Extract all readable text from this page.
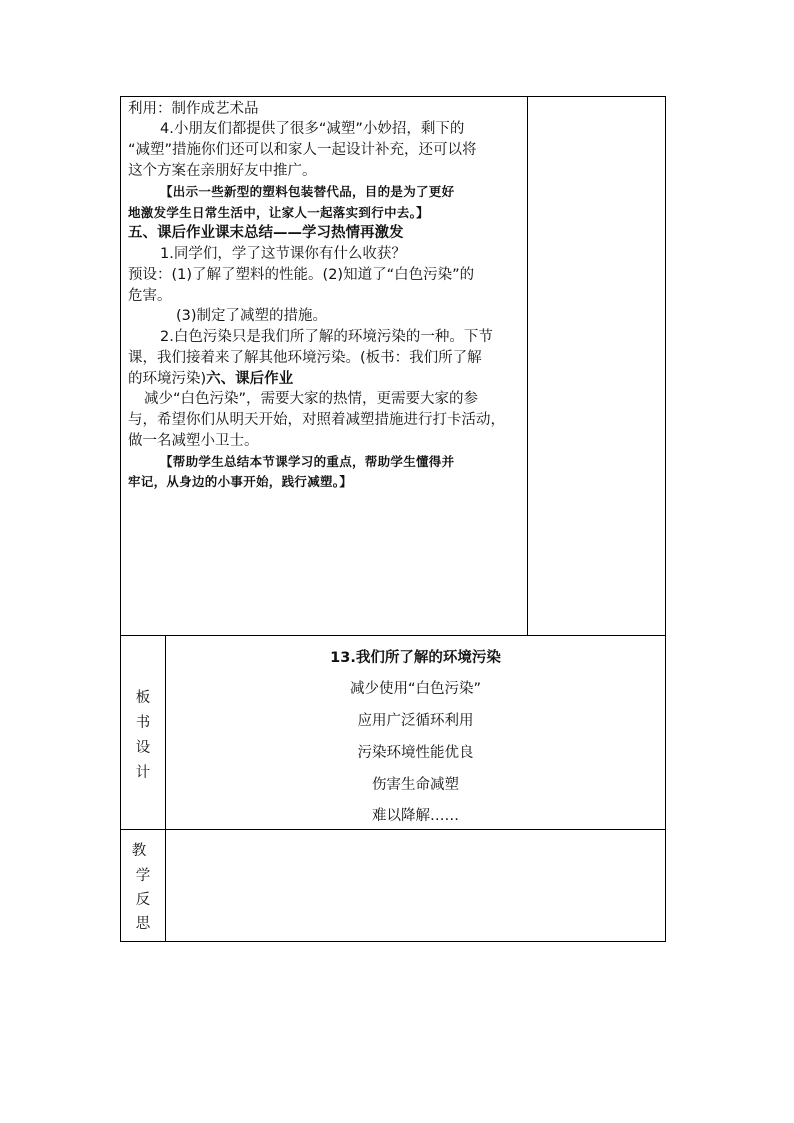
利用：制作成艺术品
4.小朋友们都提供了很多“减塑”小妙招，剩下的
“减塑”措施你们还可以和家人一起设计补充，还可以将
这个方案在亲朋好友中推广。
【出示一些新型的塑料包装替代品，目的是为了更好
地激发学生日常生活中，让家人一起落实到行中去。】
五、课后作业课末总结——学习热情再激发
1.同学们，学了这节课你有什么收获？
预设：(1)了解了塑料的性能。(2)知道了“白色污染”的
危害。
(3)制定了减塑的措施。
2.白色污染只是我们所了解的环境污染的一种。下节
课，我们接着来了解其他环境污染。(板书：我们所了解
的环境污染)六、课后作业
减少“白色污染”，需要大家的热情，更需要大家的参
与，希望你们从明天开始，对照着减塑措施进行打卡活动，
做一名减塑小卫士。
【帮助学生总结本节课学习的重点，帮助学生懂得并
牢记，从身边的小事开始，践行减塑。】
板
书
设
计
13.我们所了解的环境污染
减少使用“白色污染”
应用广泛循环利用
污染环境性能优良
伤害生命减塑
难以降解……
教
学
反
思
